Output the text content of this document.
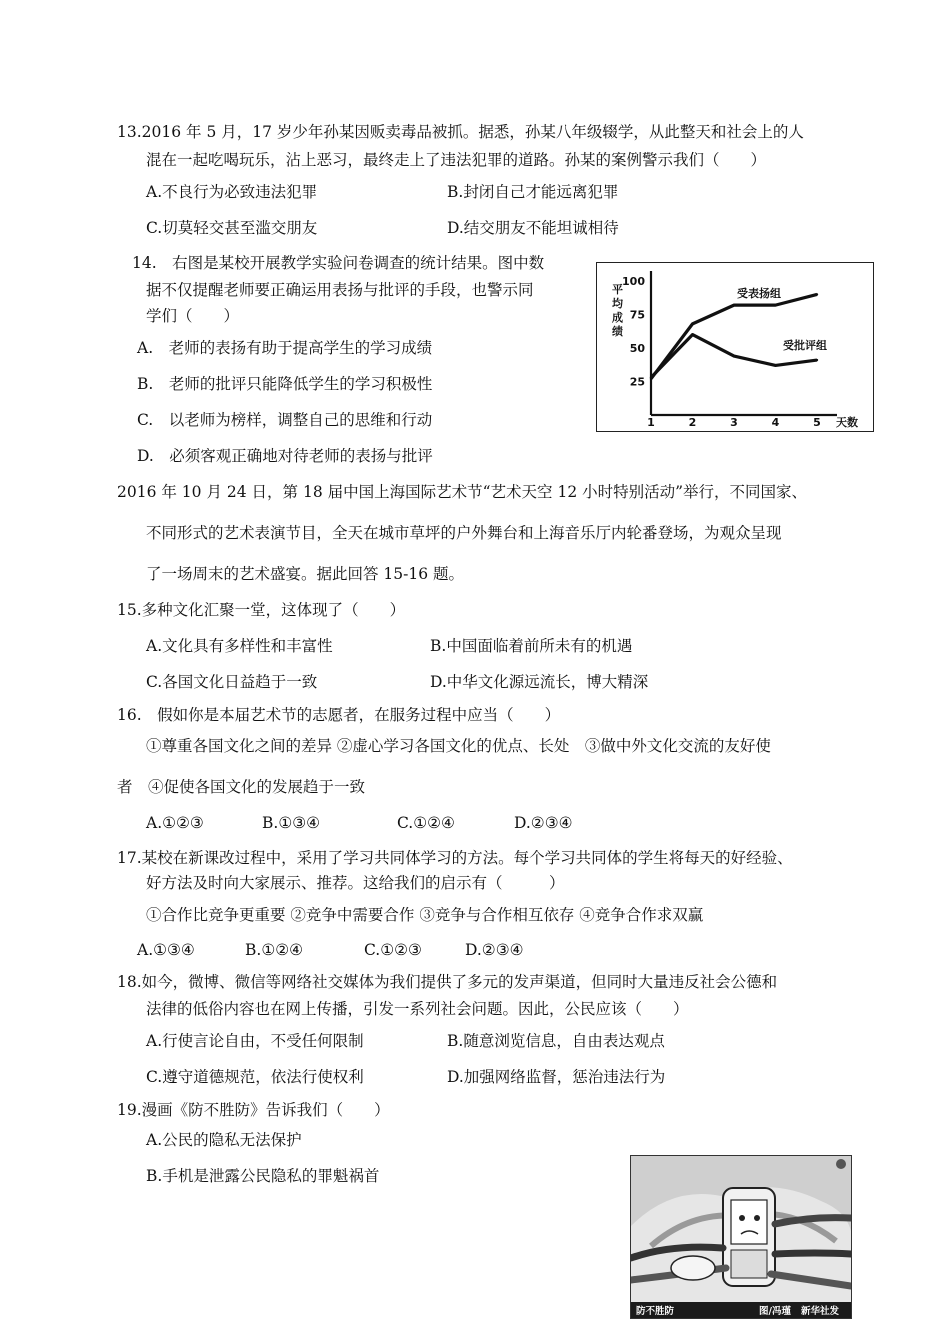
13.2016 年 5 月，17 岁少年孙某因贩卖毒品被抓。据悉，孙某八年级辍学，从此整天和社会上的人
混在一起吃喝玩乐，沾上恶习，最终走上了违法犯罪的道路。孙某的案例警示我们（　　）
A.不良行为必致违法犯罪	B.封闭自己才能远离犯罪
C.切莫轻交甚至滥交朋友	D.结交朋友不能坦诚相待
14.　右图是某校开展教学实验问卷调查的统计结果。图中数
据不仅提醒老师要正确运用表扬与批评的手段，也警示同
学们（　　）
A.　老师的表扬有助于提高学生的学习成绩
B.　老师的批评只能降低学生的学习积极性
C.　以老师为榜样，调整自己的思维和行动
D.　必须客观正确地对待老师的表扬与批评
25
50
75
100
平
均
成
绩
1	2	3	4	5 天数
受表扬组
受批评组
2016 年 10 月 24 日，第 18 届中国上海国际艺术节“艺术天空 12 小时特别活动”举行，不同国家、
不同形式的艺术表演节目，全天在城市草坪的户外舞台和上海音乐厅内轮番登场，为观众呈现
了一场周末的艺术盛宴。据此回答 15-16 题。
15.多种文化汇聚一堂，这体现了（　　）
A.文化具有多样性和丰富性	B.中国面临着前所未有的机遇
C.各国文化日益趋于一致	D.中华文化源远流长，博大精深
16.　假如你是本届艺术节的志愿者，在服务过程中应当（　　）
①尊重各国文化之间的差异 ②虚心学习各国文化的优点、长处　③做中外文化交流的友好使
者　④促使各国文化的发展趋于一致
A.①②③	B.①③④	C.①②④	D.②③④
17.某校在新课改过程中，采用了学习共同体学习的方法。每个学习共同体的学生将每天的好经验、
好方法及时向大家展示、推荐。这给我们的启示有（　　　）
①合作比竞争更重要 ②竞争中需要合作 ③竞争与合作相互依存 ④竞争合作求双赢
A.①③④	B.①②④	C.①②③	D.②③④
18.如今，微博、微信等网络社交媒体为我们提供了多元的发声渠道，但同时大量违反社会公德和
法律的低俗内容也在网上传播，引发一系列社会问题。因此，公民应该（　　）
A.行使言论自由，不受任何限制	B.随意浏览信息，自由表达观点
C.遵守道德规范，依法行使权利	D.加强网络监督，惩治违法行为
19.漫画《防不胜防》告诉我们（　　）
A.公民的隐私无法保护
B.手机是泄露公民隐私的罪魁祸首
防不胜防	图/冯瑾 新华社发
